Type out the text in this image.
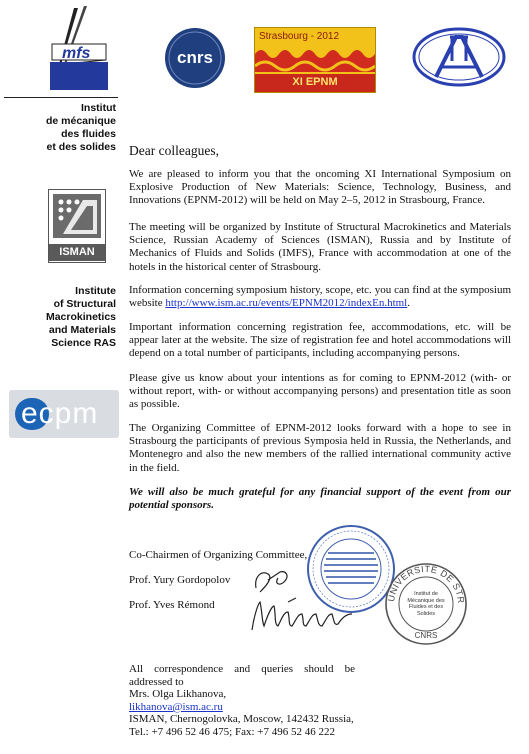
mfs	cnrs
Strasbourg - 2012
XI EPNM
Institut
de mécanique
des fluides
et des solides
ISMAN
Institute
of Structural
Macrokinetics
and Materials
Science RAS
ecpm
Dear colleagues,
We are pleased to inform you that the oncoming XI International Symposium on Explosive Production of New Materials: Science, Technology, Business, and Innovations (EPNM-2012) will be held on May 2–5, 2012 in Strasbourg, France.
The meeting will be organized by Institute of Structural Macrokinetics and Materials Science, Russian Academy of Sciences (ISMAN), Russia and by Institute of Mechanics of Fluids and Solids (IMFS), France with accommodation at one of the hotels in the historical center of Strasbourg.
Information concerning symposium history, scope, etc. you can find at the symposium website http://www.ism.ac.ru/events/EPNM2012/indexEn.html.
Important information concerning registration fee, accommodations, etc. will be appear later at the website. The size of registration fee and hotel accommodations will depend on a total number of participants, including accompanying persons.
Please give us know about your intentions as for coming to EPNM-2012 (with- or without report, with- or without accompanying persons) and presentation title as soon as possible.
The Organizing Committee of EPNM-2012 looks forward with a hope to see in Strasbourg the participants of previous Symposia held in Russia, the Netherlands, and Montenegro and also the new members of the rallied international community active in the field.
We will also be much grateful for any financial support of the event from our potential sponsors.
Co-Chairmen of Organizing Committee,
Prof. Yury Gordopolov
Prof. Yves Rémond
UNIVERSITÉ DE STR
CNRS
Institut de Mécanique des Fluides et des Solides
All correspondence and queries should be
addressed to
Mrs. Olga Likhanova,
likhanova@ism.ac.ru
ISMAN, Chernogolovka, Moscow, 142432 Russia,
Tel.: +7 496 52 46 475; Fax: +7 496 52 46 222
